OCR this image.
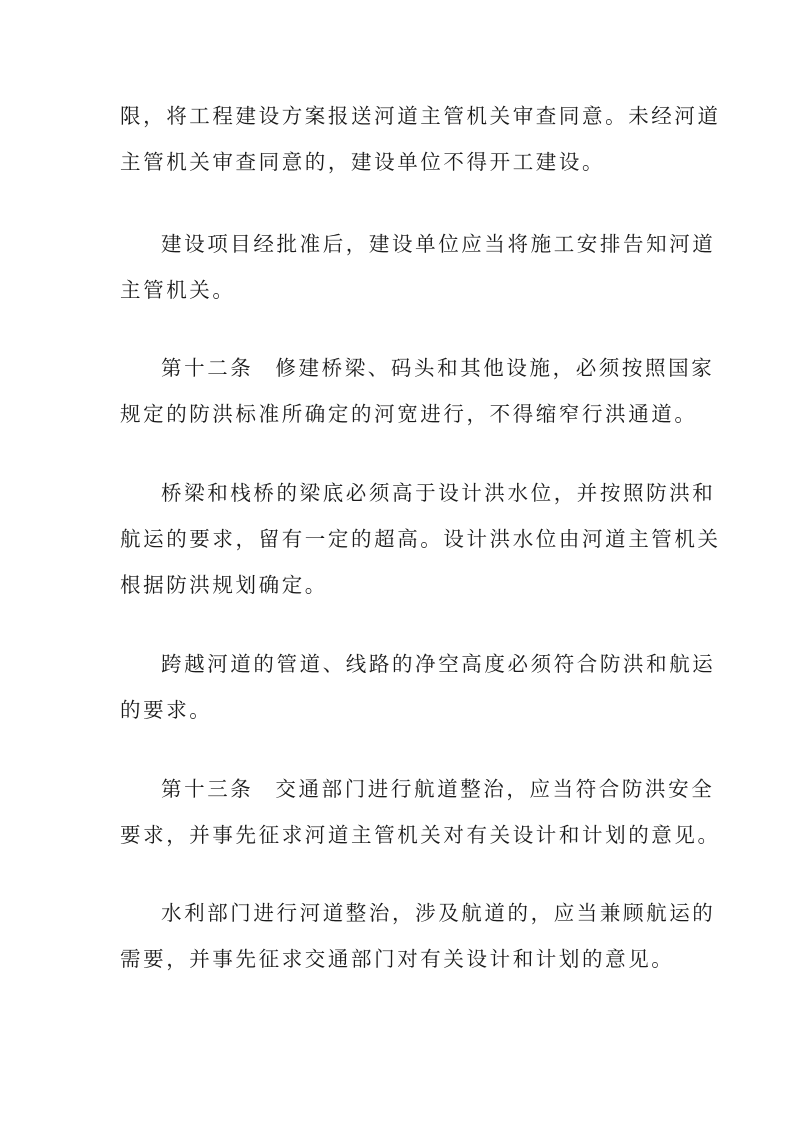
限，将工程建设方案报送河道主管机关审查同意。未经河道
主管机关审查同意的，建设单位不得开工建设。
建设项目经批准后，建设单位应当将施工安排告知河道
主管机关。
第十二条 修建桥梁、码头和其他设施，必须按照国家
规定的防洪标准所确定的河宽进行，不得缩窄行洪通道。
桥梁和栈桥的梁底必须高于设计洪水位，并按照防洪和
航运的要求，留有一定的超高。设计洪水位由河道主管机关
根据防洪规划确定。
跨越河道的管道、线路的净空高度必须符合防洪和航运
的要求。
第十三条 交通部门进行航道整治，应当符合防洪安全
要求，并事先征求河道主管机关对有关设计和计划的意见。
水利部门进行河道整治，涉及航道的，应当兼顾航运的
需要，并事先征求交通部门对有关设计和计划的意见。
